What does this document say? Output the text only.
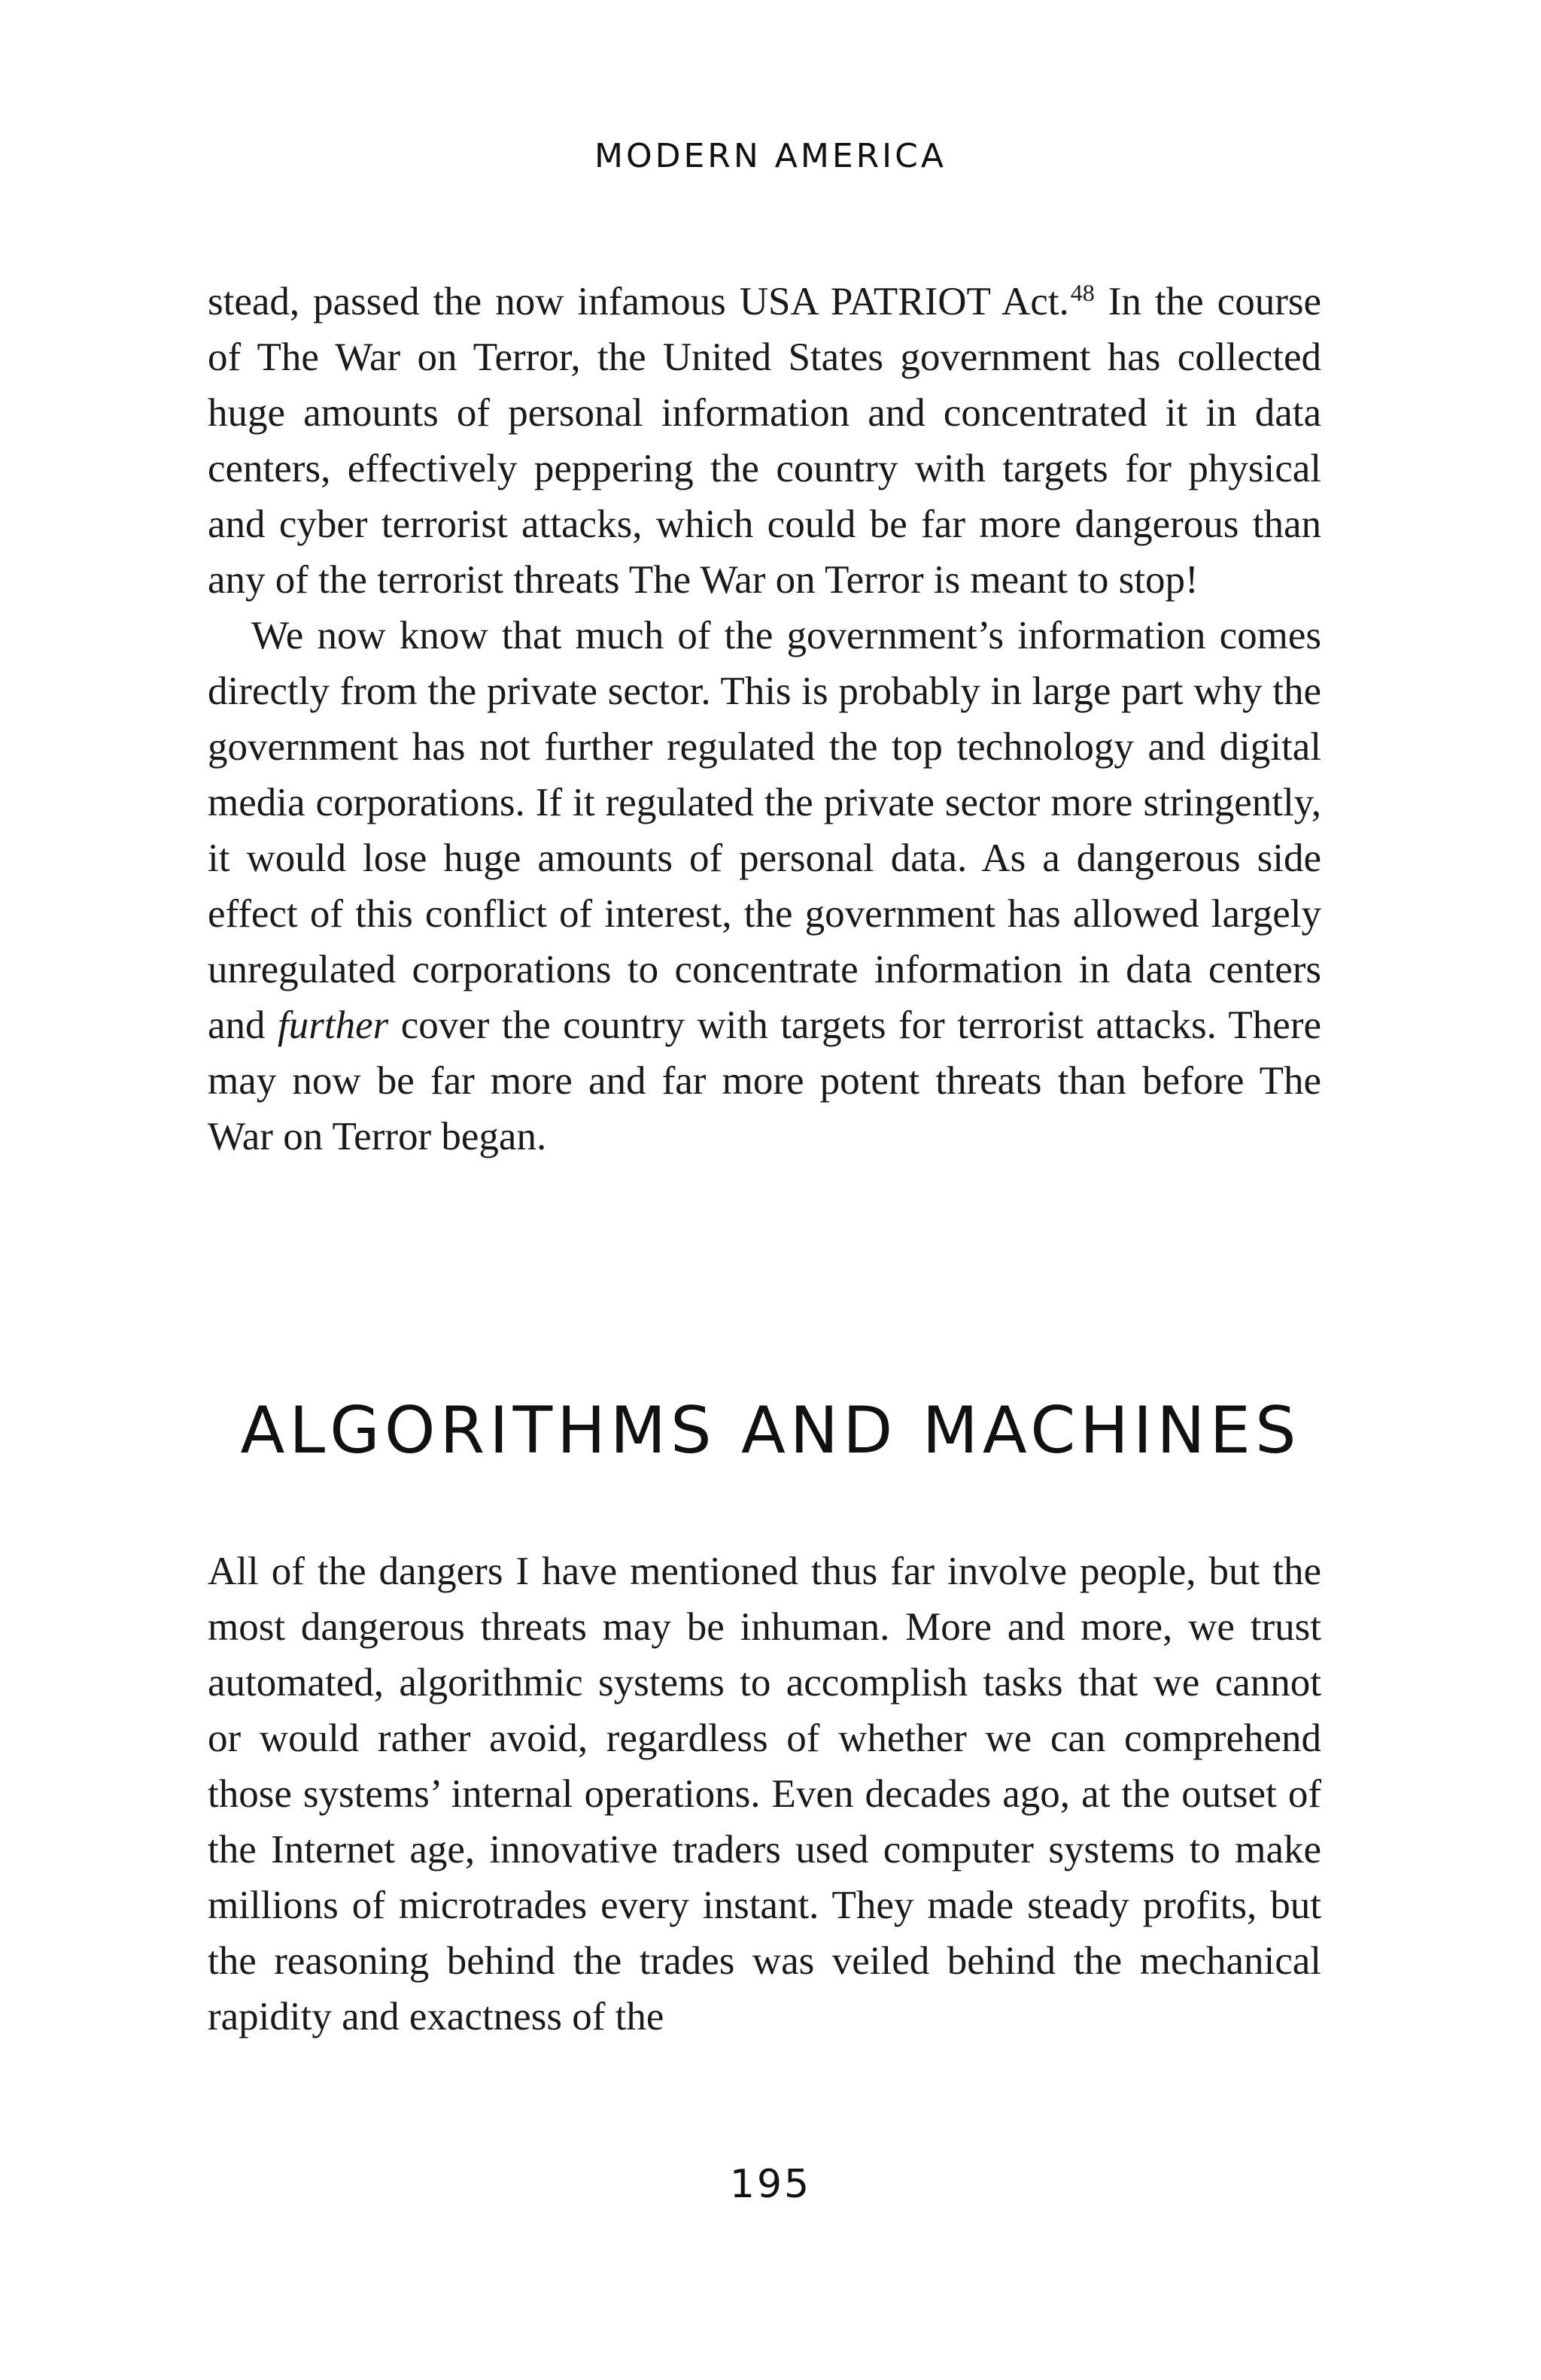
MODERN AMERICA

stead, passed the now infamous USA PATRIOT Act.$^{48}$ In the course of The War on Terror, the United States government has collected huge amounts of personal information and concentrated it in data centers, effectively peppering the country with targets for physical and cyber terrorist attacks, which could be far more dangerous than any of the terrorist threats The War on Terror is meant to stop!

We now know that much of the government’s information comes directly from the private sector. This is probably in large part why the government has not further regulated the top technology and digital media corporations. If it regulated the private sector more stringently, it would lose huge amounts of personal data. As a dangerous side effect of this conflict of interest, the government has allowed largely unregulated corporations to concentrate information in data centers and further cover the country with targets for terrorist attacks. There may now be far more and far more potent threats than before The War on Terror began.

ALGORITHMS AND MACHINES

All of the dangers I have mentioned thus far involve people, but the most dangerous threats may be inhuman. More and more, we trust automated, algorithmic systems to accomplish tasks that we cannot or would rather avoid, regardless of whether we can comprehend those systems’ internal operations. Even decades ago, at the outset of the Internet age, innovative traders used computer systems to make millions of microtrades every instant. They made steady profits, but the reasoning behind the trades was veiled behind the mechanical rapidity and exactness of the

195
